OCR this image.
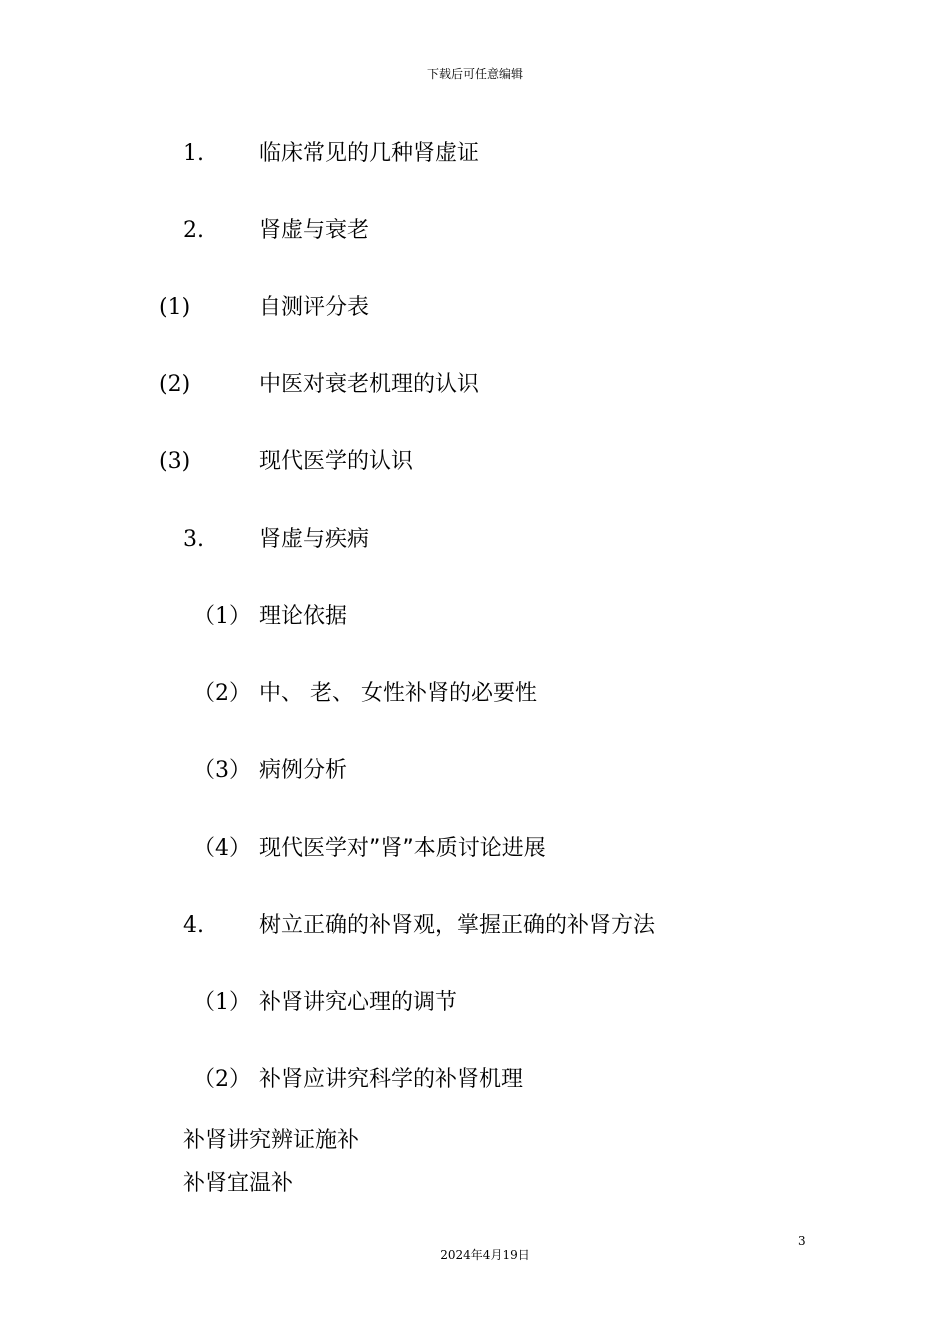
下载后可任意编辑
1.	临床常见的几种肾虚证
2.	肾虚与衰老
(1)	自测评分表
(2)	中医对衰老机理的认识
(3)	现代医学的认识
3.	肾虚与疾病
（1） 理论依据
（2） 中、 老、 女性补肾的必要性
（3） 病例分析
（4） 现代医学对”肾”本质讨论进展
4.	树立正确的补肾观，掌握正确的补肾方法
（1） 补肾讲究心理的调节
（2） 补肾应讲究科学的补肾机理
补肾讲究辨证施补
补肾宜温补
3
2024年4月19日
